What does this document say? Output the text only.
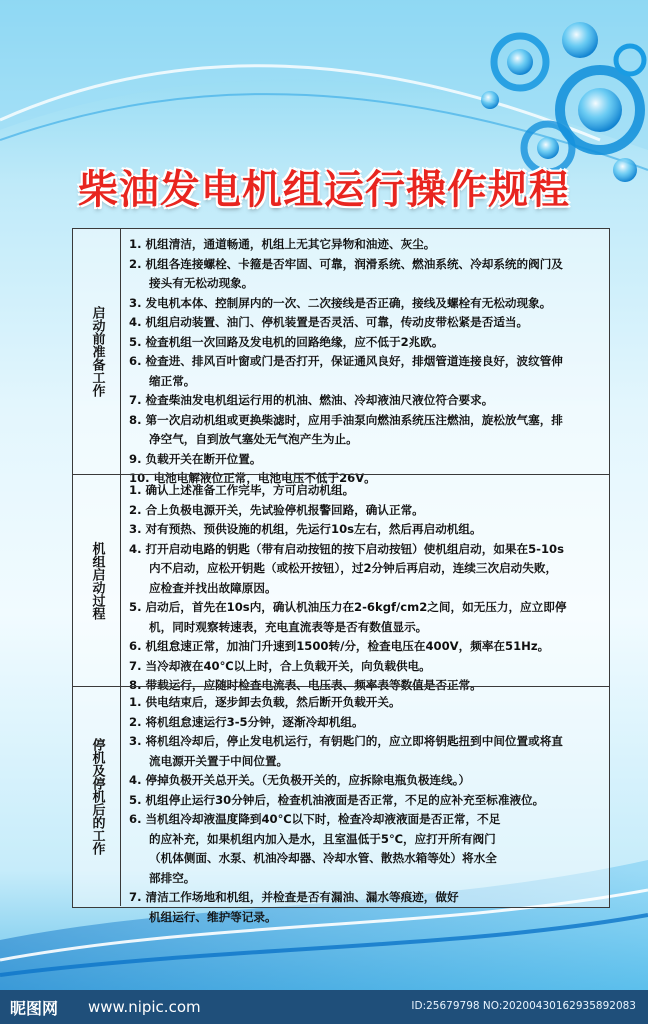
柴油发电机组运行操作规程
启动前准备工作
1. 机组清洁，通道畅通，机组上无其它异物和油迹、灰尘。
2. 机组各连接螺栓、卡箍是否牢固、可靠，润滑系统、燃油系统、冷却系统的阀门及
接头有无松动现象。
3. 发电机本体、控制屏内的一次、二次接线是否正确，接线及螺栓有无松动现象。
4. 机组启动装置、油门、停机装置是否灵活、可靠，传动皮带松紧是否适当。
5. 检查机组一次回路及发电机的回路绝缘，应不低于2兆欧。
6. 检查进、排风百叶窗或门是否打开，保证通风良好，排烟管道连接良好，波纹管伸
缩正常。
7. 检查柴油发电机组运行用的机油、燃油、冷却液油尺液位符合要求。
8. 第一次启动机组或更换柴滤时，应用手油泵向燃油系统压注燃油，旋松放气塞，排
净空气，自到放气塞处无气泡产生为止。
9. 负载开关在断开位置。
10. 电池电解液位正常，电池电压不低于26V。
机组启动过程
1. 确认上述准备工作完毕，方可启动机组。
2. 合上负极电源开关，先试验停机报警回路，确认正常。
3. 对有预热、预供设施的机组，先运行10s左右，然后再启动机组。
4. 打开启动电路的钥匙（带有启动按钮的按下启动按钮）使机组启动，如果在5-10s
内不启动，应松开钥匙（或松开按钮），过2分钟后再启动，连续三次启动失败，
应检查并找出故障原因。
5. 启动后，首先在10s内，确认机油压力在2-6kgf/cm2之间，如无压力，应立即停
机，同时观察转速表，充电直流表等是否有数值显示。
6. 机组怠速正常，加油门升速到1500转/分，检查电压在400V，频率在51Hz。
7. 当冷却液在40℃以上时，合上负载开关，向负载供电。
8. 带载运行，应随时检查电流表、电压表、频率表等数值是否正常。
停机及停机后的工作
1. 供电结束后，逐步卸去负载，然后断开负载开关。
2. 将机组怠速运行3-5分钟，逐渐冷却机组。
3. 将机组冷却后，停止发电机运行，有钥匙门的，应立即将钥匙扭到中间位置或将直
流电源开关置于中间位置。
4. 停掉负极开关总开关。（无负极开关的，应拆除电瓶负极连线。）
5. 机组停止运行30分钟后，检查机油液面是否正常，不足的应补充至标准液位。
6. 当机组冷却液温度降到40℃以下时，检查冷却液液面是否正常，不足
的应补充，如果机组内加入是水，且室温低于5℃，应打开所有阀门
（机体侧面、水泵、机油冷却器、冷却水管、散热水箱等处）将水全
部排空。
7. 清洁工作场地和机组，并检查是否有漏油、漏水等痕迹，做好
机组运行、维护等记录。
昵图网 www.nipic.com	ID:25679798 NO:20200430162935892083
